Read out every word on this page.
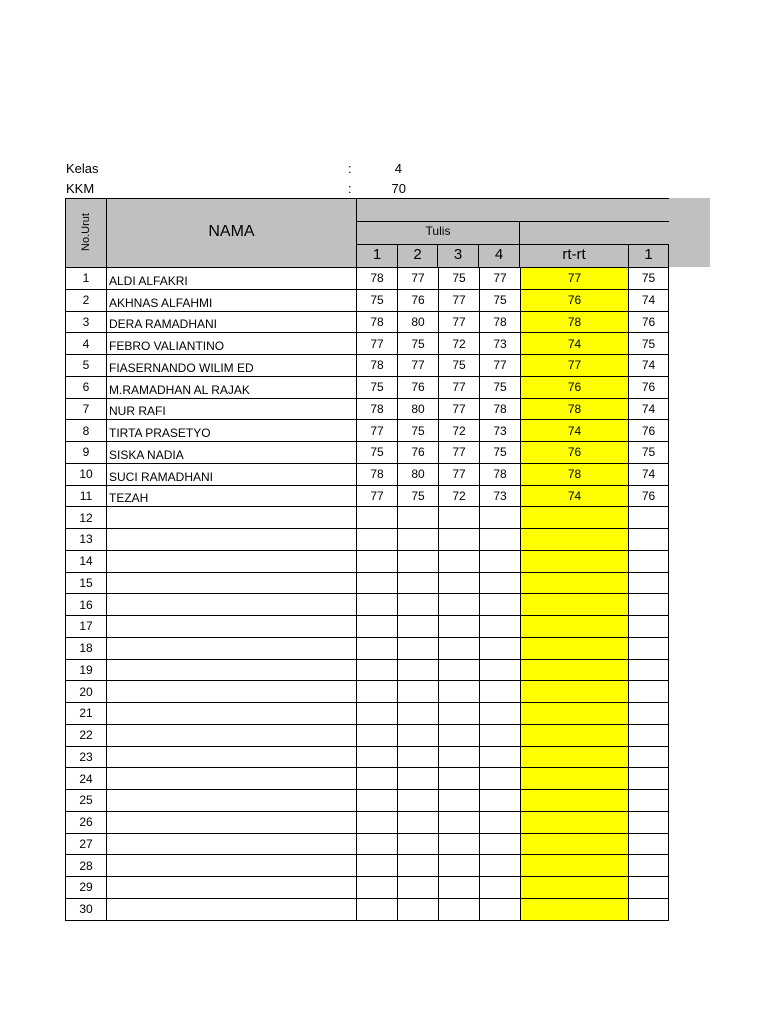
Kelas	:	4
KKM	:	70
No.Urut	NAMA	Tulis
1	2	3	4	rt-rt	1
1	ALDI ALFAKRI	78	77	75	77	77	75
2	AKHNAS ALFAHMI	75	76	77	75	76	74
3	DERA RAMADHANI	78	80	77	78	78	76
4	FEBRO VALIANTINO	77	75	72	73	74	75
5	FIASERNANDO WILIM ED	78	77	75	77	77	74
6	M.RAMADHAN AL RAJAK	75	76	77	75	76	76
7	NUR RAFI	78	80	77	78	78	74
8	TIRTA PRASETYO	77	75	72	73	74	76
9	SISKA NADIA	75	76	77	75	76	75
10	SUCI RAMADHANI	78	80	77	78	78	74
11	TEZAH	77	75	72	73	74	76
12							
13							
14							
15							
16							
17							
18							
19							
20							
21							
22							
23							
24							
25							
26							
27							
28							
29							
30							
